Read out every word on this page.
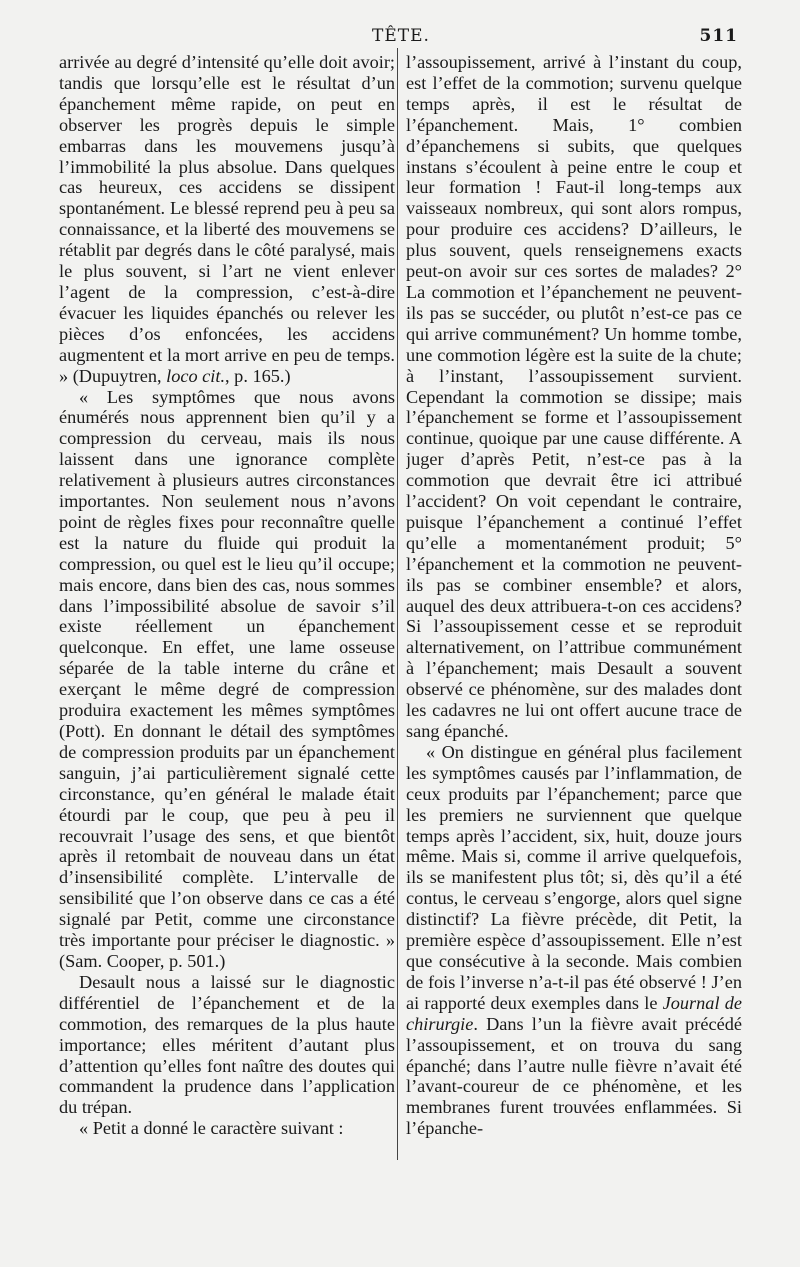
TÊTE.	511

arrivée au degré d’intensité qu’elle doit avoir; tandis que lorsqu’elle est le résultat d’un épanchement même rapide, on peut en observer les progrès depuis le simple embarras dans les mouvemens jusqu’à l’immobilité la plus absolue. Dans quelques cas heureux, ces accidens se dissipent spontanément. Le blessé reprend peu à peu sa connaissance, et la liberté des mouvemens se rétablit par degrés dans le côté paralysé, mais le plus souvent, si l’art ne vient enlever l’agent de la compression, c’est-à-dire évacuer les liquides épanchés ou relever les pièces d’os enfoncées, les accidens augmentent et la mort arrive en peu de temps. » (Dupuytren, loco cit., p. 165.)

« Les symptômes que nous avons énumérés nous apprennent bien qu’il y a compression du cerveau, mais ils nous laissent dans une ignorance complète relativement à plusieurs autres circonstances importantes. Non seulement nous n’avons point de règles fixes pour reconnaître quelle est la nature du fluide qui produit la compression, ou quel est le lieu qu’il occupe; mais encore, dans bien des cas, nous sommes dans l’impossibilité absolue de savoir s’il existe réellement un épanchement quelconque. En effet, une lame osseuse séparée de la table interne du crâne et exerçant le même degré de compression produira exactement les mêmes symptômes (Pott). En donnant le détail des symptômes de compression produits par un épanchement sanguin, j’ai particulièrement signalé cette circonstance, qu’en général le malade était étourdi par le coup, que peu à peu il recouvrait l’usage des sens, et que bientôt après il retombait de nouveau dans un état d’insensibilité complète. L’intervalle de sensibilité que l’on observe dans ce cas a été signalé par Petit, comme une circonstance très importante pour préciser le diagnostic. » (Sam. Cooper, p. 501.)

Desault nous a laissé sur le diagnostic différentiel de l’épanchement et de la commotion, des remarques de la plus haute importance; elles méritent d’autant plus d’attention qu’elles font naître des doutes qui commandent la prudence dans l’application du trépan.

« Petit a donné le caractère suivant :

l’assoupissement, arrivé à l’instant du coup, est l’effet de la commotion; survenu quelque temps après, il est le résultat de l’épanchement. Mais, 1° combien d’épanchemens si subits, que quelques instans s’écoulent à peine entre le coup et leur formation ! Faut-il long-temps aux vaisseaux nombreux, qui sont alors rompus, pour produire ces accidens? D’ailleurs, le plus souvent, quels renseignemens exacts peut-on avoir sur ces sortes de malades? 2° La commotion et l’épanchement ne peuvent-ils pas se succéder, ou plutôt n’est-ce pas ce qui arrive communément? Un homme tombe, une commotion légère est la suite de la chute; à l’instant, l’assoupissement survient. Cependant la commotion se dissipe; mais l’épanchement se forme et l’assoupissement continue, quoique par une cause différente. A juger d’après Petit, n’est-ce pas à la commotion que devrait être ici attribué l’accident? On voit cependant le contraire, puisque l’épanchement a continué l’effet qu’elle a momentanément produit; 5° l’épanchement et la commotion ne peuvent-ils pas se combiner ensemble? et alors, auquel des deux attribuera-t-on ces accidens? Si l’assoupissement cesse et se reproduit alternativement, on l’attribue communément à l’épanchement; mais Desault a souvent observé ce phénomène, sur des malades dont les cadavres ne lui ont offert aucune trace de sang épanché.

« On distingue en général plus facilement les symptômes causés par l’inflammation, de ceux produits par l’épanchement; parce que les premiers ne surviennent que quelque temps après l’accident, six, huit, douze jours même. Mais si, comme il arrive quelquefois, ils se manifestent plus tôt; si, dès qu’il a été contus, le cerveau s’engorge, alors quel signe distinctif? La fièvre précède, dit Petit, la première espèce d’assoupissement. Elle n’est que consécutive à la seconde. Mais combien de fois l’inverse n’a-t-il pas été observé ! J’en ai rapporté deux exemples dans le Journal de chirurgie. Dans l’un la fièvre avait précédé l’assoupissement, et on trouva du sang épanché; dans l’autre nulle fièvre n’avait été l’avant-coureur de ce phénomène, et les membranes furent trouvées enflammées. Si l’épanche-
